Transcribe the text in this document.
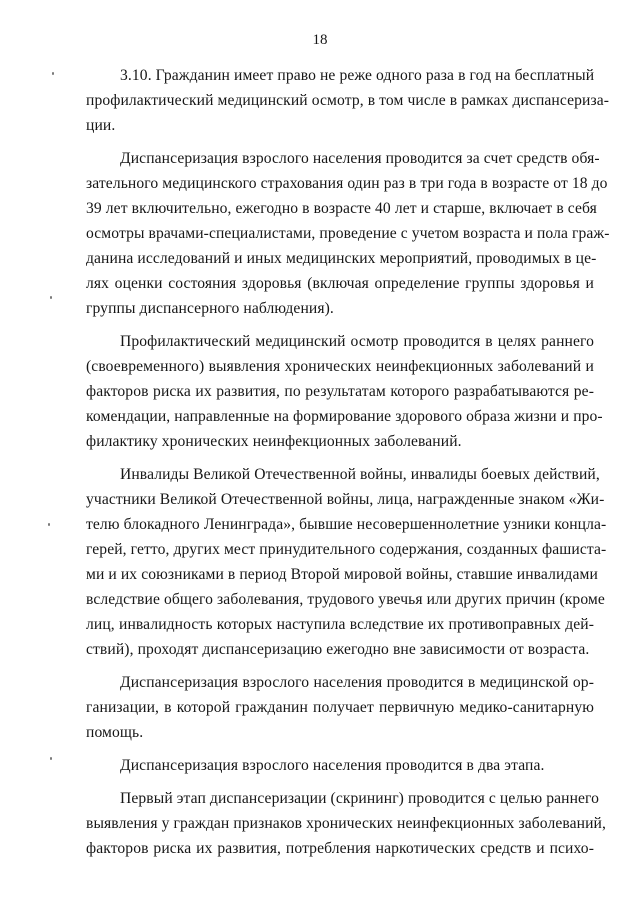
18
3.10. Гражданин имеет право не реже одного раза в год на бесплатный
профилактический медицинский осмотр, в том числе в рамках диспансериза-
ции.
Диспансеризация взрослого населения проводится за счет средств обя-
зательного медицинского страхования один раз в три года в возрасте от 18 до
39 лет включительно, ежегодно в возрасте 40 лет и старше, включает в себя
осмотры врачами-специалистами, проведение с учетом возраста и пола граж-
данина исследований и иных медицинских мероприятий, проводимых в це-
лях оценки состояния здоровья (включая определение группы здоровья и
группы диспансерного наблюдения).
Профилактический медицинский осмотр проводится в целях раннего
(своевременного) выявления хронических неинфекционных заболеваний и
факторов риска их развития, по результатам которого разрабатываются ре-
комендации, направленные на формирование здорового образа жизни и про-
филактику хронических неинфекционных заболеваний.
Инвалиды Великой Отечественной войны, инвалиды боевых действий,
участники Великой Отечественной войны, лица, награжденные знаком «Жи-
телю блокадного Ленинграда», бывшие несовершеннолетние узники концла-
герей, гетто, других мест принудительного содержания, созданных фашиста-
ми и их союзниками в период Второй мировой войны, ставшие инвалидами
вследствие общего заболевания, трудового увечья или других причин (кроме
лиц, инвалидность которых наступила вследствие их противоправных дей-
ствий), проходят диспансеризацию ежегодно вне зависимости от возраста.
Диспансеризация взрослого населения проводится в медицинской ор-
ганизации, в которой гражданин получает первичную медико-санитарную
помощь.
Диспансеризация взрослого населения проводится в два этапа.
Первый этап диспансеризации (скрининг) проводится с целью раннего
выявления у граждан признаков хронических неинфекционных заболеваний,
факторов риска их развития, потребления наркотических средств и психо-
